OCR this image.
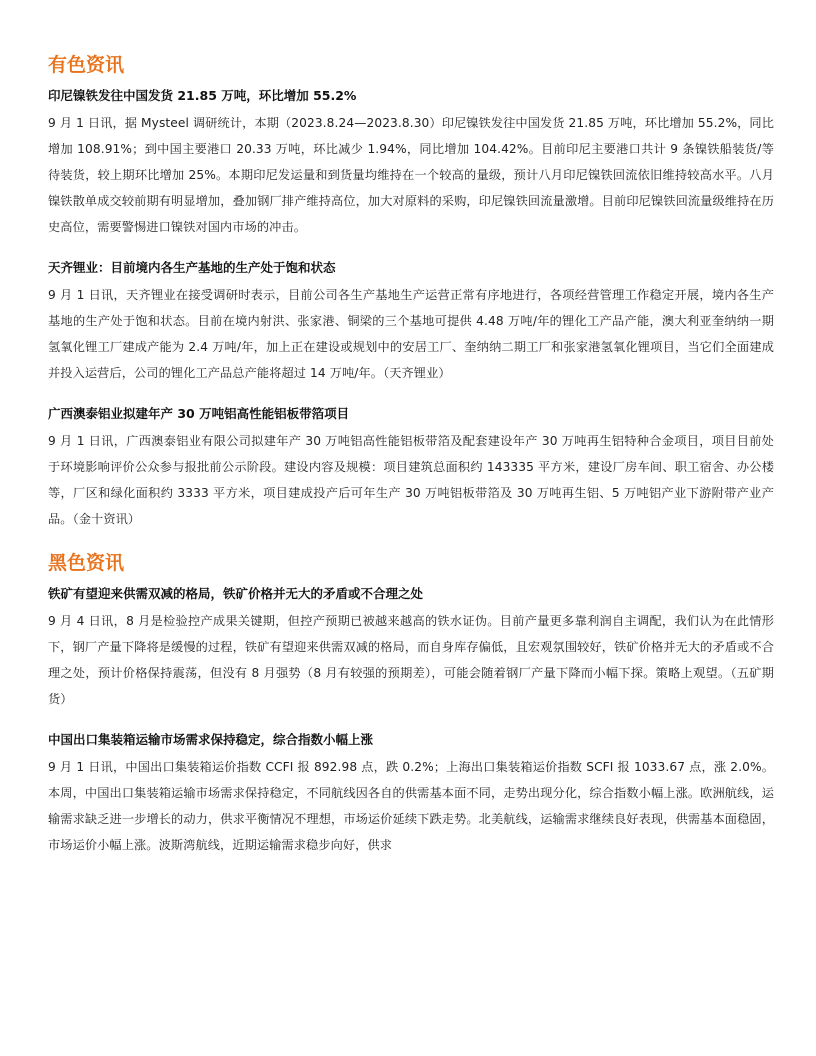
有色资讯
印尼镍铁发往中国发货 21.85 万吨，环比增加 55.2%

9 月 1 日讯，据 Mysteel 调研统计，本期（2023.8.24—2023.8.30）印尼镍铁发往中国发货 21.85 万吨，环比增加 55.2%，同比增加 108.91%；到中国主要港口 20.33 万吨，环比减少 1.94%，同比增加 104.42%。目前印尼主要港口共计 9 条镍铁船装货/等待装货，较上期环比增加 25%。本期印尼发运量和到货量均维持在一个较高的量级，预计八月印尼镍铁回流依旧维持较高水平。八月镍铁散单成交较前期有明显增加，叠加钢厂排产维持高位，加大对原料的采购，印尼镍铁回流量激增。目前印尼镍铁回流量级维持在历史高位，需要警惕进口镍铁对国内市场的冲击。

天齐锂业：目前境内各生产基地的生产处于饱和状态

9 月 1 日讯，天齐锂业在接受调研时表示，目前公司各生产基地生产运营正常有序地进行，各项经营管理工作稳定开展，境内各生产基地的生产处于饱和状态。目前在境内射洪、张家港、铜梁的三个基地可提供 4.48 万吨/年的锂化工产品产能，澳大利亚奎纳纳一期氢氧化锂工厂建成产能为 2.4 万吨/年，加上正在建设或规划中的安居工厂、奎纳纳二期工厂和张家港氢氧化锂项目，当它们全面建成并投入运营后，公司的锂化工产品总产能将超过 14 万吨/年。（天齐锂业）

广西澳泰铝业拟建年产 30 万吨铝高性能铝板带箔项目

9 月 1 日讯，广西澳泰铝业有限公司拟建年产 30 万吨铝高性能铝板带箔及配套建设年产 30 万吨再生铝特种合金项目，项目目前处于环境影响评价公众参与报批前公示阶段。建设内容及规模：项目建筑总面积约 143335 平方米，建设厂房车间、职工宿舍、办公楼等，厂区和绿化面积约 3333 平方米，项目建成投产后可年生产 30 万吨铝板带箔及 30 万吨再生铝、5 万吨铝产业下游附带产业产品。（金十资讯）

黑色资讯
铁矿有望迎来供需双减的格局，铁矿价格并无大的矛盾或不合理之处

9 月 4 日讯，8 月是检验控产成果关键期，但控产预期已被越来越高的铁水证伪。目前产量更多靠利润自主调配，我们认为在此情形下，钢厂产量下降将是缓慢的过程，铁矿有望迎来供需双减的格局，而自身库存偏低，且宏观氛围较好，铁矿价格并无大的矛盾或不合理之处，预计价格保持震荡，但没有 8 月强势（8 月有较强的预期差），可能会随着钢厂产量下降而小幅下探。策略上观望。（五矿期货）

中国出口集装箱运输市场需求保持稳定，综合指数小幅上涨

9 月 1 日讯，中国出口集装箱运价指数 CCFI 报 892.98 点，跌 0.2%；上海出口集装箱运价指数 SCFI 报 1033.67 点，涨 2.0%。本周，中国出口集装箱运输市场需求保持稳定，不同航线因各自的供需基本面不同，走势出现分化，综合指数小幅上涨。欧洲航线，运输需求缺乏进一步增长的动力，供求平衡情况不理想，市场运价延续下跌走势。北美航线，运输需求继续良好表现，供需基本面稳固，市场运价小幅上涨。波斯湾航线，近期运输需求稳步向好，供求
